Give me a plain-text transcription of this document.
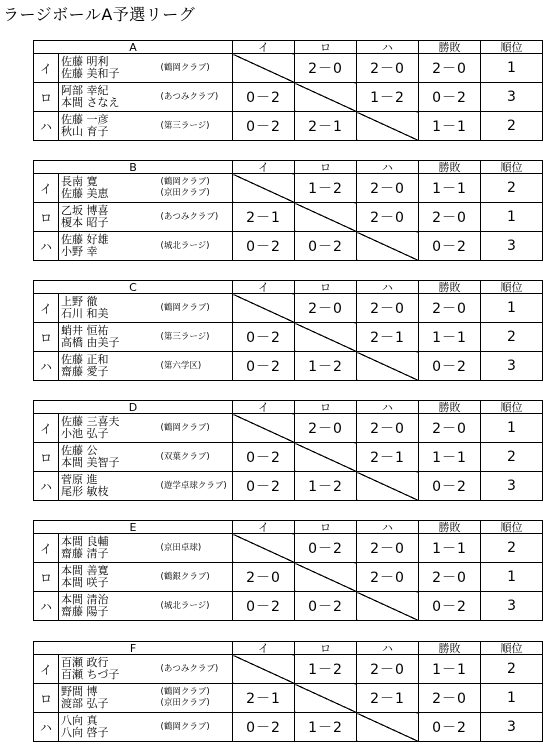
ラージボールA予選リーグ
A			イ	ロ	ハ	勝敗	順位
イ	佐藤 明利
佐藤 美和子	(鶴岡クラブ)		2－0	2－0	2－0	1
ロ	阿部 幸紀
本間 さなえ	(あつみクラブ)	0－2		1－2	0－2	3
ハ	佐藤 一彦
秋山 育子	(第三ラージ)	0－2	2－1		1－1	2
B			イ	ロ	ハ	勝敗	順位
イ	長南 寛
佐藤 美恵	(鶴岡クラブ)
(京田クラブ)		1－2	2－0	1－1	2
ロ	乙坂 博喜
榎本 昭子	(あつみクラブ)	2－1		2－0	2－0	1
ハ	佐藤 好雄
小野 幸	(城北ラージ)	0－2	0－2		0－2	3
C			イ	ロ	ハ	勝敗	順位
イ	上野 徹
石川 和美	(鶴岡クラブ)		2－0	2－0	2－0	1
ロ	蛸井 恒祐
高橋 由美子	(第三ラージ)	0－2		2－1	1－1	2
ハ	佐藤 正和
齋藤 愛子	(第六学区)	0－2	1－2		0－2	3
D			イ	ロ	ハ	勝敗	順位
イ	佐藤 三喜夫
小池 弘子	(鶴岡クラブ)		2－0	2－0	2－0	1
ロ	佐藤 公
本間 美智子	(双葉クラブ)	0－2		2－1	1－1	2
ハ	菅原 進
尾形 敏枝	(遊学卓球クラブ)	0－2	1－2		0－2	3
E			イ	ロ	ハ	勝敗	順位
イ	本間 良輔
齋藤 清子	(京田卓球)		0－2	2－0	1－1	2
ロ	本間 善寛
本間 咲子	(鶴銀クラブ)	2－0		2－0	2－0	1
ハ	本間 清治
齋藤 陽子	(城北ラージ)	0－2	0－2		0－2	3
F			イ	ロ	ハ	勝敗	順位
イ	百瀬 政行
百瀬 ちづ子	(あつみクラブ)		1－2	2－0	1－1	2
ロ	野間 博
渡部 弘子	(鶴岡クラブ)
(京田クラブ)	2－1		2－1	2－0	1
ハ	八向 真
八向 啓子	(鶴岡クラブ)	0－2	1－2		0－2	3
